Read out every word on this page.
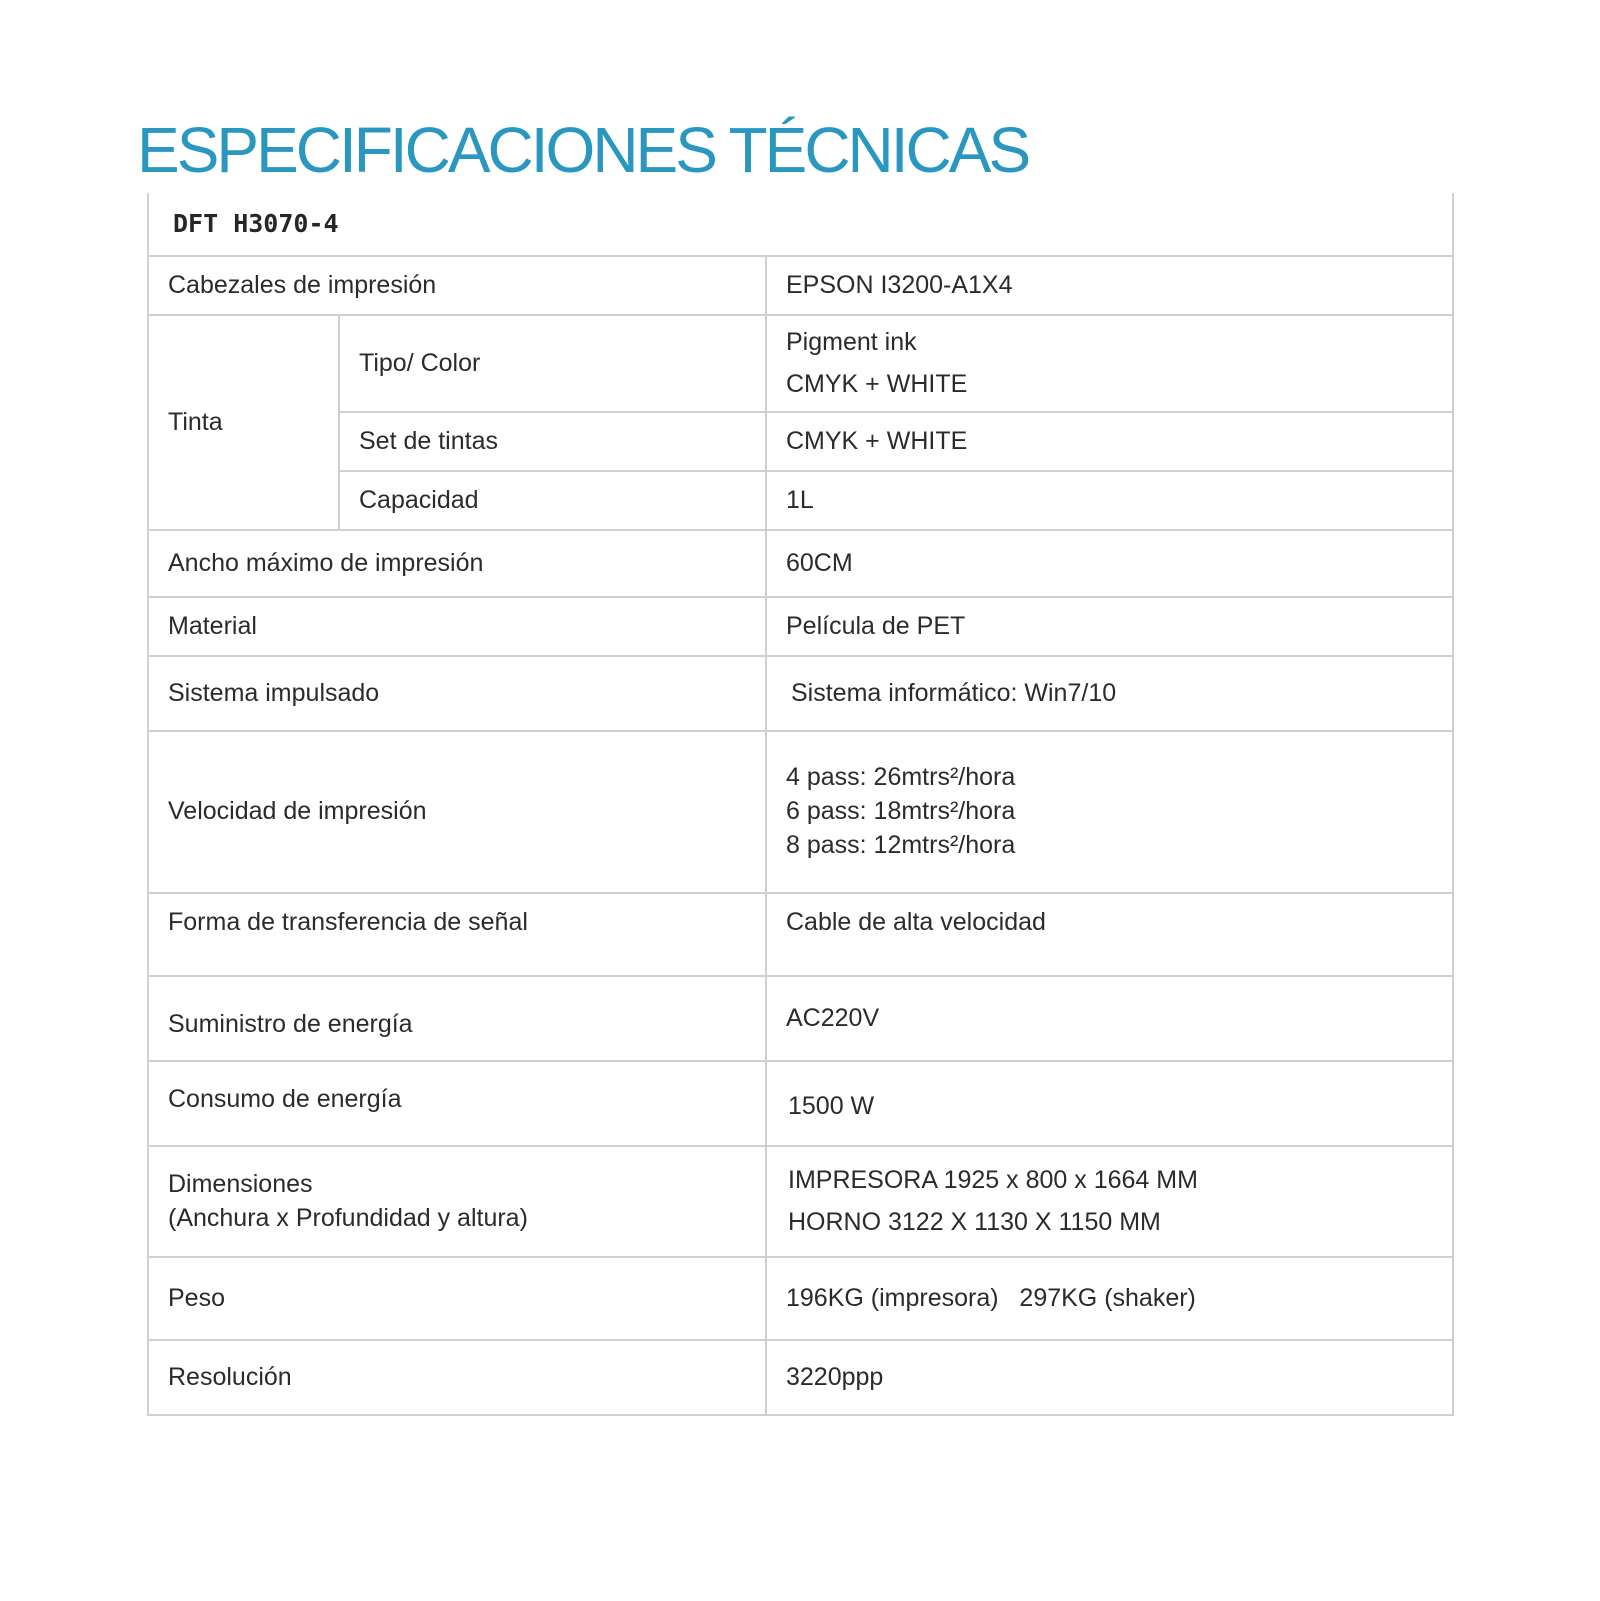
ESPECIFICACIONES TÉCNICAS
DFT H3070-4		
Cabezales de impresión		EPSON I3200-A1X4
Tinta	Tipo/ Color	Pigment ink
CMYK + WHITE

	Set de tintas	CMYK + WHITE
	Capacidad	1L
Ancho máximo de impresión		60CM
Material		Película de PET
Sistema impulsado		Sistema informático: Win7/10
Velocidad de impresión		4 pass: 26mtrs²/hora
6 pass: 18mtrs²/hora
8 pass: 12mtrs²/hora

Forma de transferencia de señal		Cable de alta velocidad
Suministro de energía		AC220V
Consumo de energía		1500 W

Dimensiones
(Anchura x Profundidad y altura)		IMPRESORA 1925 x 800 x 1664 MM
HORNO 3122 X 1130 X 1150 MM

Peso		196KG (impresora)   297KG (shaker)
Resolución		3220ppp
